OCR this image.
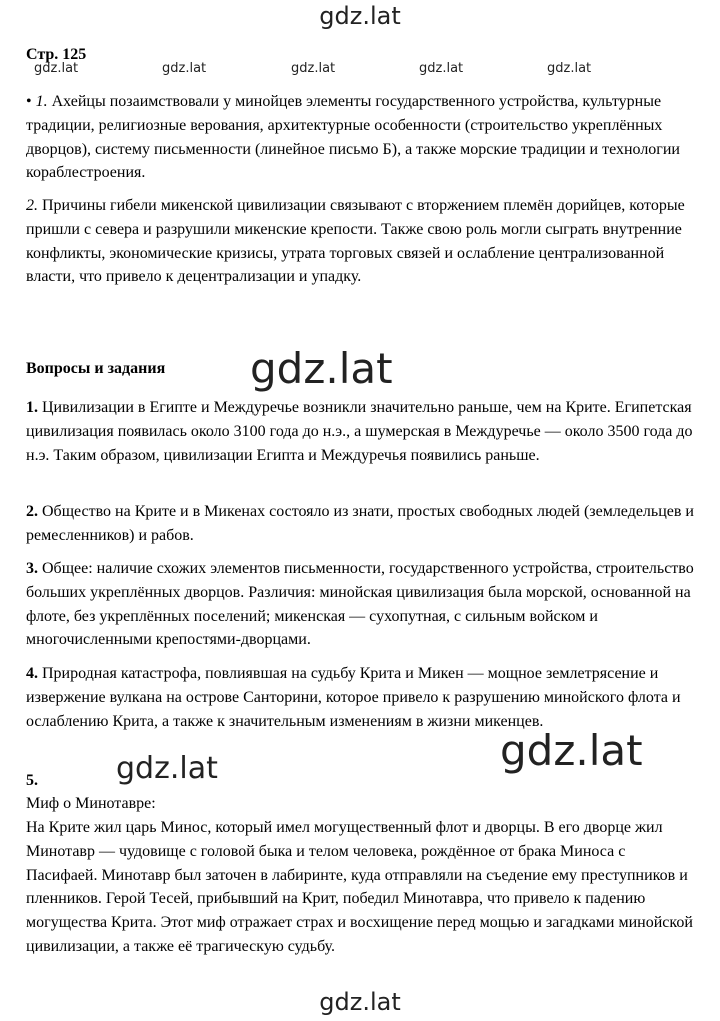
gdz.lat
Стр. 125
gdz.lat	gdz.lat	gdz.lat	gdz.lat	gdz.lat

• 1. Ахейцы позаимствовали у минойцев элементы государственного устройства, культурные традиции, религиозные верования, архитектурные особенности (строительство укреплённых дворцов), систему письменности (линейное письмо Б), а также морские традиции и технологии кораблестроения.

2. Причины гибели микенской цивилизации связывают с вторжением племён дорийцев, которые пришли с севера и разрушили микенские крепости. Также свою роль могли сыграть внутренние конфликты, экономические кризисы, утрата торговых связей и ослабление централизованной власти, что привело к децентрализации и упадку.

Вопросы и задания gdz.lat

1. Цивилизации в Египте и Междуречье возникли значительно раньше, чем на Крите. Египетская цивилизация появилась около 3100 года до н.э., а шумерская в Междуречье — около 3500 года до н.э. Таким образом, цивилизации Египта и Междуречья появились раньше.

2. Общество на Крите и в Микенах состояло из знати, простых свободных людей (земледельцев и ремесленников) и рабов.

3. Общее: наличие схожих элементов письменности, государственного устройства, строительство больших укреплённых дворцов. Различия: минойская цивилизация была морской, основанной на флоте, без укреплённых поселений; микенская — сухопутная, с сильным войском и многочисленными крепостями-дворцами.

4. Природная катастрофа, повлиявшая на судьбу Крита и Микен — мощное землетрясение и извержение вулкана на острове Санторини, которое привело к разрушению минойского флота и ослаблению Крита, а также к значительным изменениям в жизни микенцев.

gdz.lat
5.	gdz.lat

Миф о Минотавре:

На Крите жил царь Минос, который имел могущественный флот и дворцы. В его дворце жил Минотавр — чудовище с головой быка и телом человека, рождённое от брака Миноса с Пасифаей. Минотавр был заточен в лабиринте, куда отправляли на съедение ему преступников и пленников. Герой Тесей, прибывший на Крит, победил Минотавра, что привело к падению могущества Крита. Этот миф отражает страх и восхищение перед мощью и загадками минойской цивилизации, а также её трагическую судьбу.

gdz.lat
